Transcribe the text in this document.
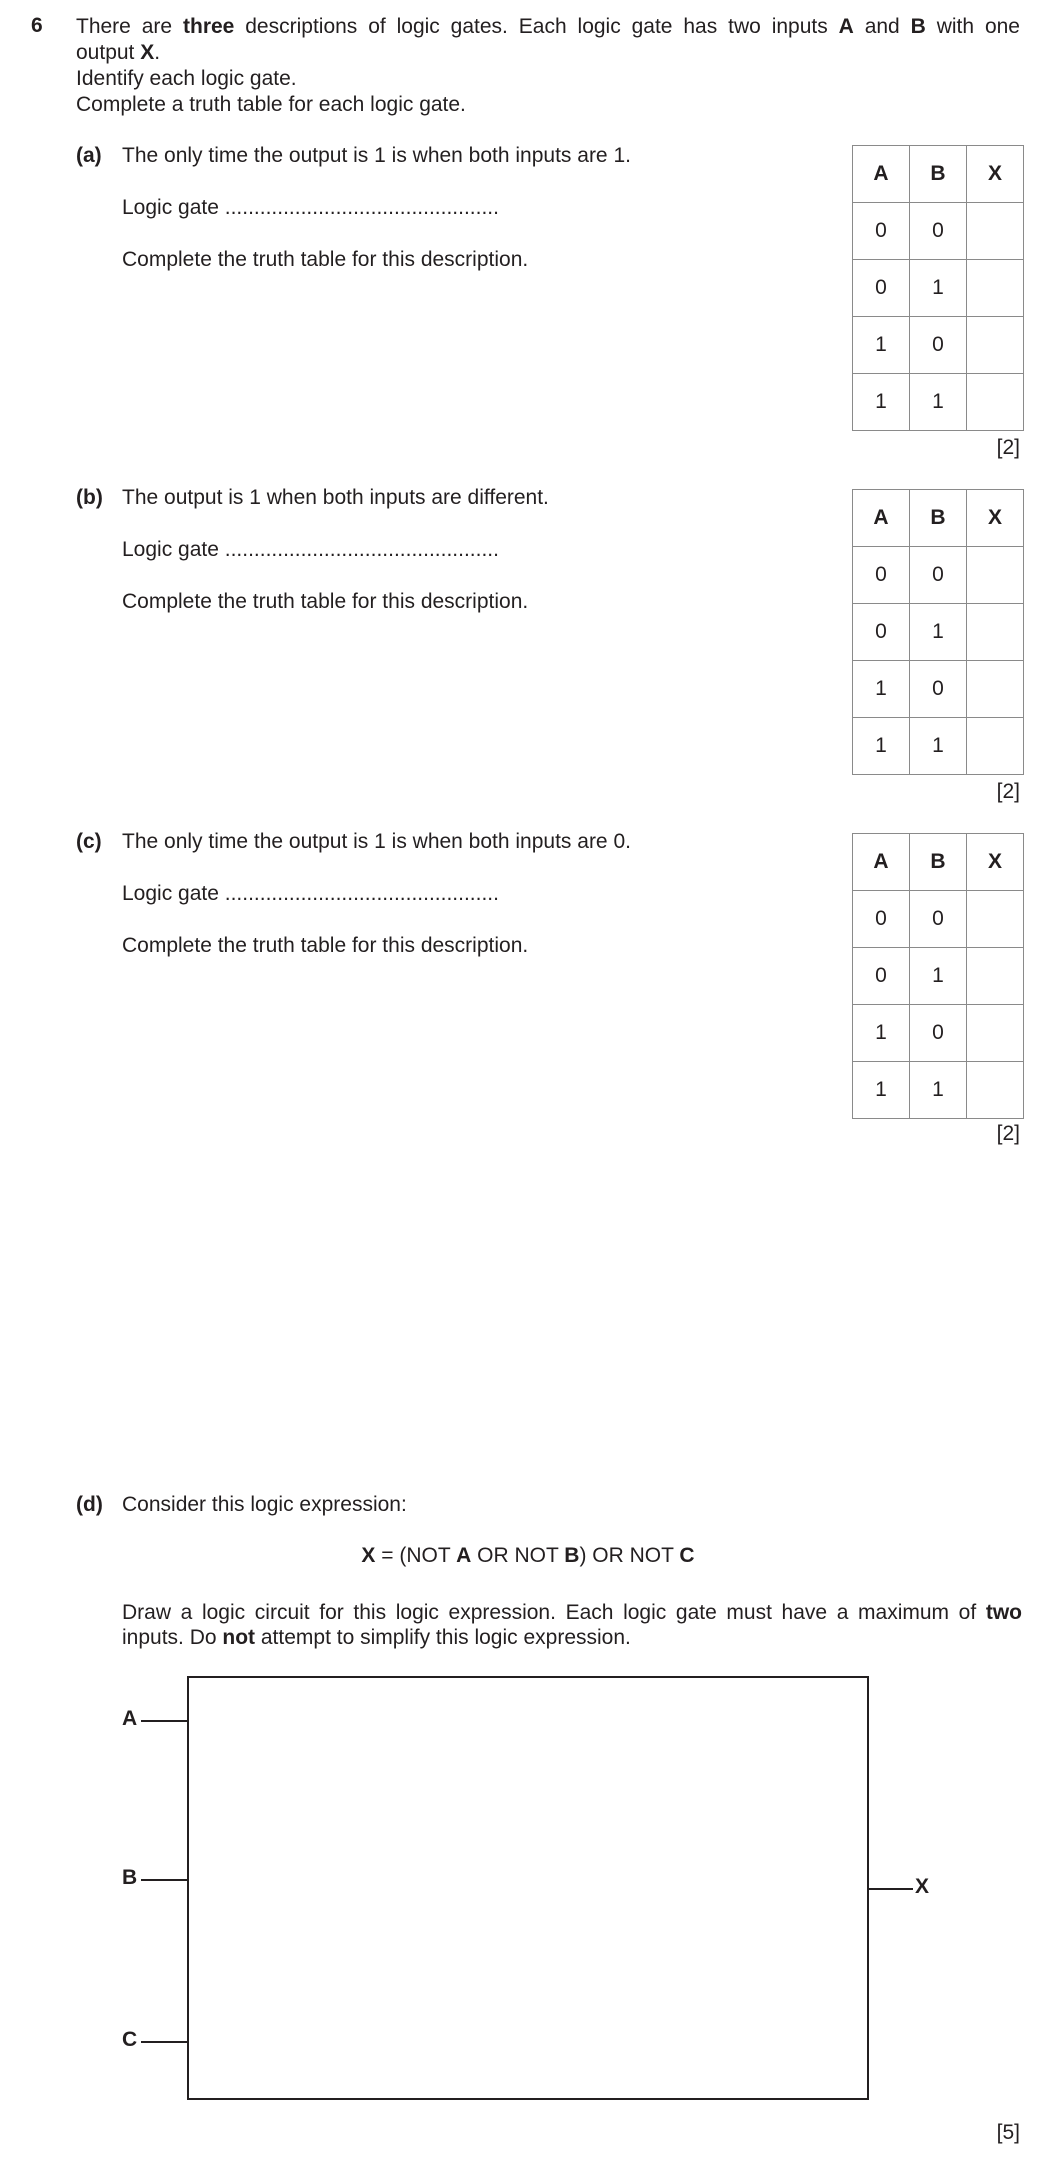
6 There are three descriptions of logic gates. Each logic gate has two inputs A and B with one
output X.
Identify each logic gate.
Complete a truth table for each logic gate.
(a) The only time the output is 1 is when both inputs are 1.
Logic gate ...............................................
Complete the truth table for this description.
A	B	X
0	0	
0	1	
1	0	
1	1	
[2]
(b) The output is 1 when both inputs are different.
Logic gate ...............................................
Complete the truth table for this description.
A	B	X
0	0	
0	1	
1	0	
1	1	
[2]
(c) The only time the output is 1 is when both inputs are 0.
Logic gate ...............................................
Complete the truth table for this description.
A	B	X
0	0	
0	1	
1	0	
1	1	
[2]
(d) Consider this logic expression:
X = (NOT A OR NOT B) OR NOT C
Draw a logic circuit for this logic expression. Each logic gate must have a maximum of two
inputs. Do not attempt to simplify this logic expression.
A
B
C
X
[5]
